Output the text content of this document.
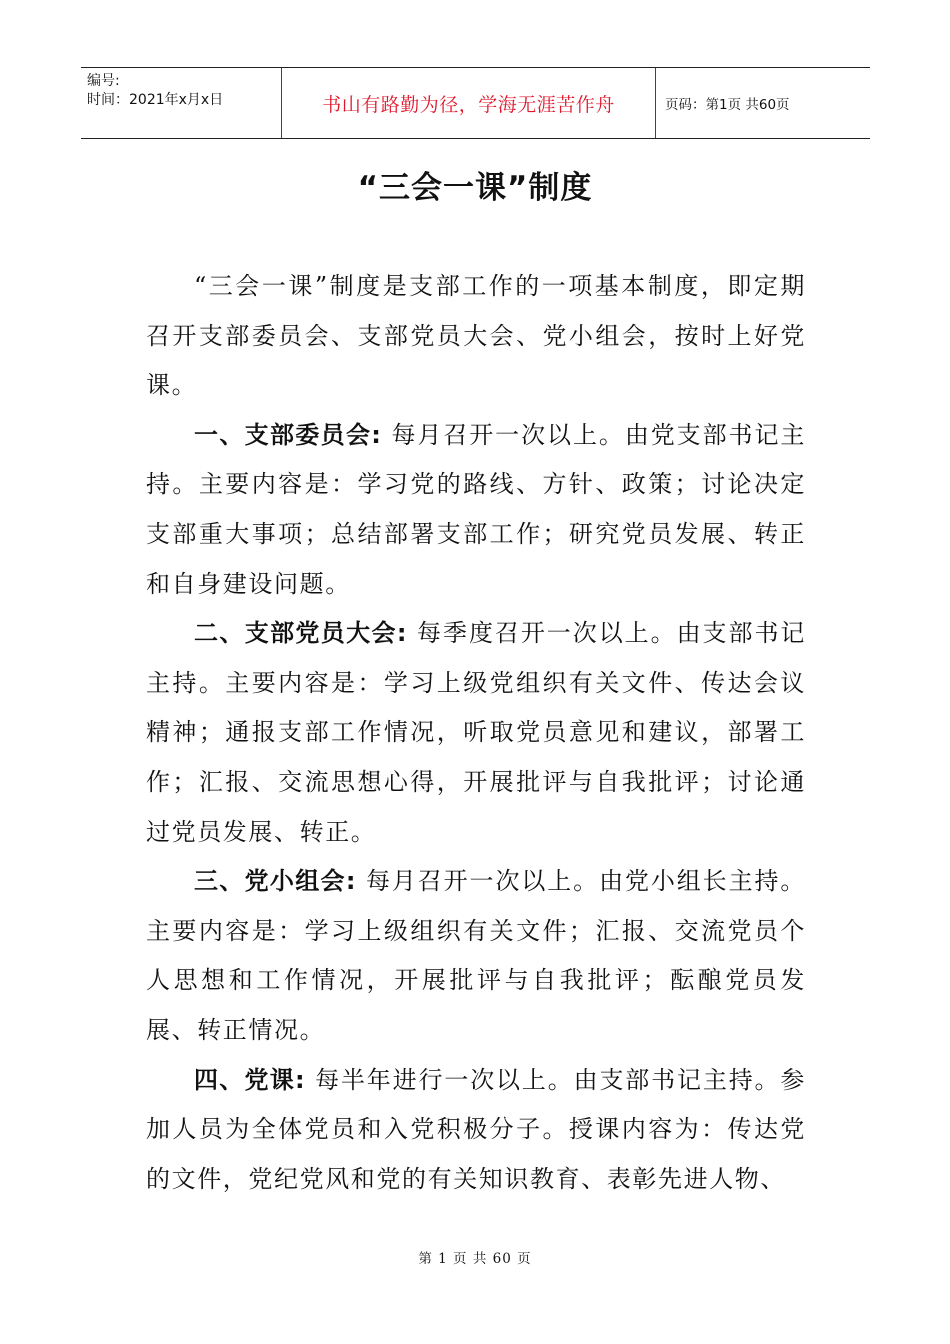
编号:
时间：2021年x月x日	书山有路勤为径，学海无涯苦作舟	页码：第1页 共60页
“三会一课”制度

“三会一课”制度是支部工作的一项基本制度，即定期召开支部委员会、支部党员大会、党小组会，按时上好党课。

一、支部委员会: 每月召开一次以上。由党支部书记主持。主要内容是：学习党的路线、方针、政策；讨论决定支部重大事项；总结部署支部工作；研究党员发展、转正和自身建设问题。

二、支部党员大会: 每季度召开一次以上。由支部书记主持。主要内容是：学习上级党组织有关文件、传达会议精神；通报支部工作情况，听取党员意见和建议，部署工作；汇报、交流思想心得，开展批评与自我批评；讨论通过党员发展、转正。

三、党小组会: 每月召开一次以上。由党小组长主持。主要内容是：学习上级组织有关文件；汇报、交流党员个人思想和工作情况，开展批评与自我批评；酝酿党员发展、转正情况。

四、党课: 每半年进行一次以上。由支部书记主持。参加人员为全体党员和入党积极分子。授课内容为：传达党的文件，党纪党风和党的有关知识教育、表彰先进人物、

第 1 页 共 60 页
